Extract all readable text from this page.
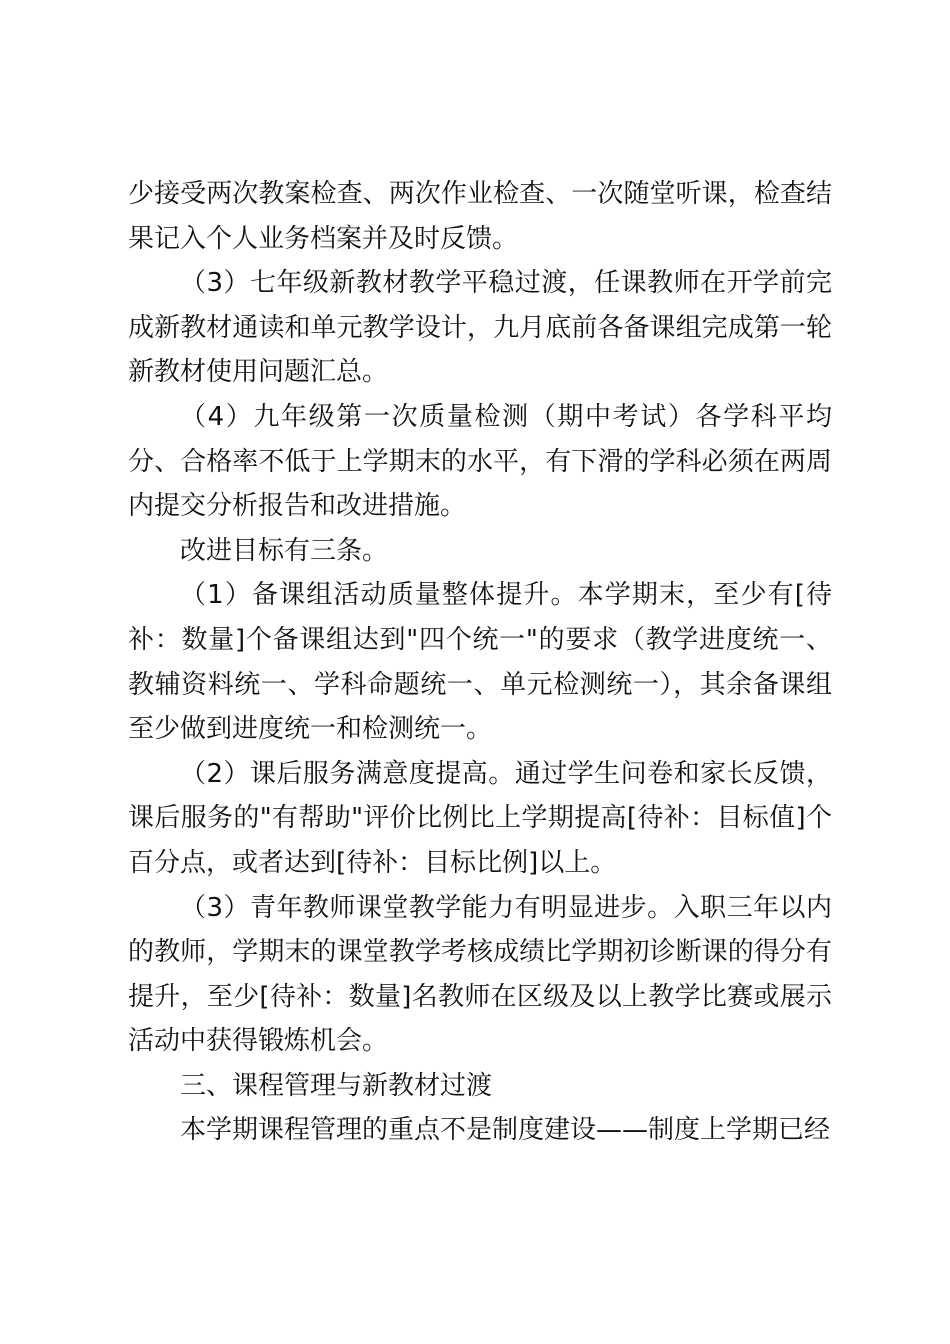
少接受两次教案检查、两次作业检查、一次随堂听课，检查结果记入个人业务档案并及时反馈。

（3）七年级新教材教学平稳过渡，任课教师在开学前完成新教材通读和单元教学设计，九月底前各备课组完成第一轮新教材使用问题汇总。

（4）九年级第一次质量检测（期中考试）各学科平均分、合格率不低于上学期末的水平，有下滑的学科必须在两周内提交分析报告和改进措施。

改进目标有三条。

（1）备课组活动质量整体提升。本学期末，至少有[待补：数量]个备课组达到"四个统一"的要求（教学进度统一、教辅资料统一、学科命题统一、单元检测统一），其余备课组至少做到进度统一和检测统一。

（2）课后服务满意度提高。通过学生问卷和家长反馈，课后服务的"有帮助"评价比例比上学期提高[待补：目标值]个百分点，或者达到[待补：目标比例]以上。

（3）青年教师课堂教学能力有明显进步。入职三年以内的教师，学期末的课堂教学考核成绩比学期初诊断课的得分有提升，至少[待补：数量]名教师在区级及以上教学比赛或展示活动中获得锻炼机会。

三、课程管理与新教材过渡

本学期课程管理的重点不是制度建设——制度上学期已经
